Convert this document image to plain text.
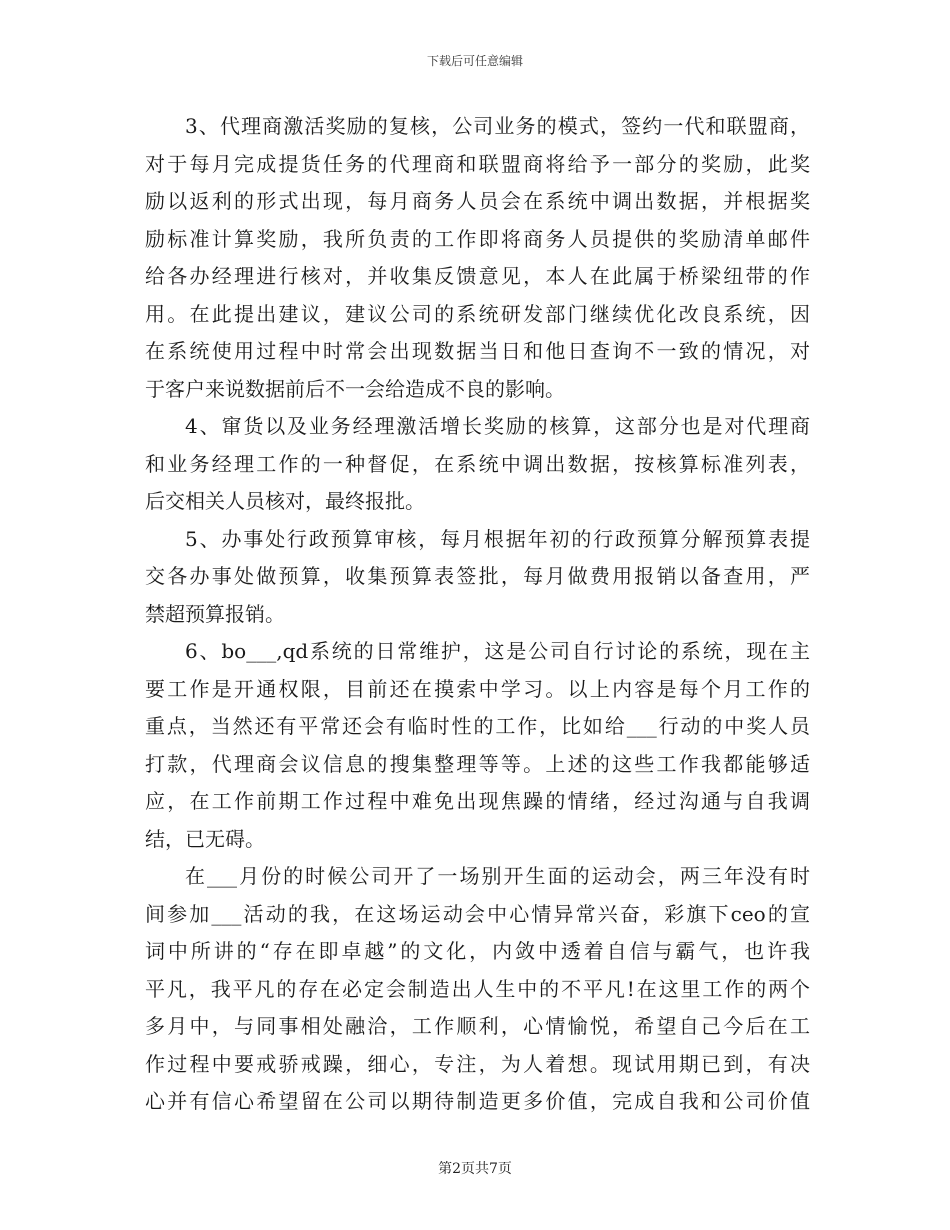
下载后可任意编辑
3、代理商激活奖励的复核，公司业务的模式，签约一代和联盟商，
对于每月完成提货任务的代理商和联盟商将给予一部分的奖励，此奖
励以返利的形式出现，每月商务人员会在系统中调出数据，并根据奖
励标准计算奖励，我所负责的工作即将商务人员提供的奖励清单邮件
给各办经理进行核对，并收集反馈意见，本人在此属于桥梁纽带的作
用。在此提出建议，建议公司的系统研发部门继续优化改良系统，因
在系统使用过程中时常会出现数据当日和他日查询不一致的情况，对
于客户来说数据前后不一会给造成不良的影响。
4、窜货以及业务经理激活增长奖励的核算，这部分也是对代理商
和业务经理工作的一种督促，在系统中调出数据，按核算标准列表，
后交相关人员核对，最终报批。
5、办事处行政预算审核，每月根据年初的行政预算分解预算表提
交各办事处做预算，收集预算表签批，每月做费用报销以备查用，严
禁超预算报销。
6、bo___,qd系统的日常维护，这是公司自行讨论的系统，现在主
要工作是开通权限，目前还在摸索中学习。以上内容是每个月工作的
重点，当然还有平常还会有临时性的工作，比如给___行动的中奖人员
打款，代理商会议信息的搜集整理等等。上述的这些工作我都能够适
应，在工作前期工作过程中难免出现焦躁的情绪，经过沟通与自我调
结，已无碍。
在___月份的时候公司开了一场别开生面的运动会，两三年没有时
间参加___活动的我，在这场运动会中心情异常兴奋，彩旗下ceo的宣
词中所讲的“存在即卓越”的文化，内敛中透着自信与霸气，也许我
平凡，我平凡的存在必定会制造出人生中的不平凡!在这里工作的两个
多月中，与同事相处融洽，工作顺利，心情愉悦，希望自己今后在工
作过程中要戒骄戒躁，细心，专注，为人着想。现试用期已到，有决
心并有信心希望留在公司以期待制造更多价值，完成自我和公司价值
第2页共7页
